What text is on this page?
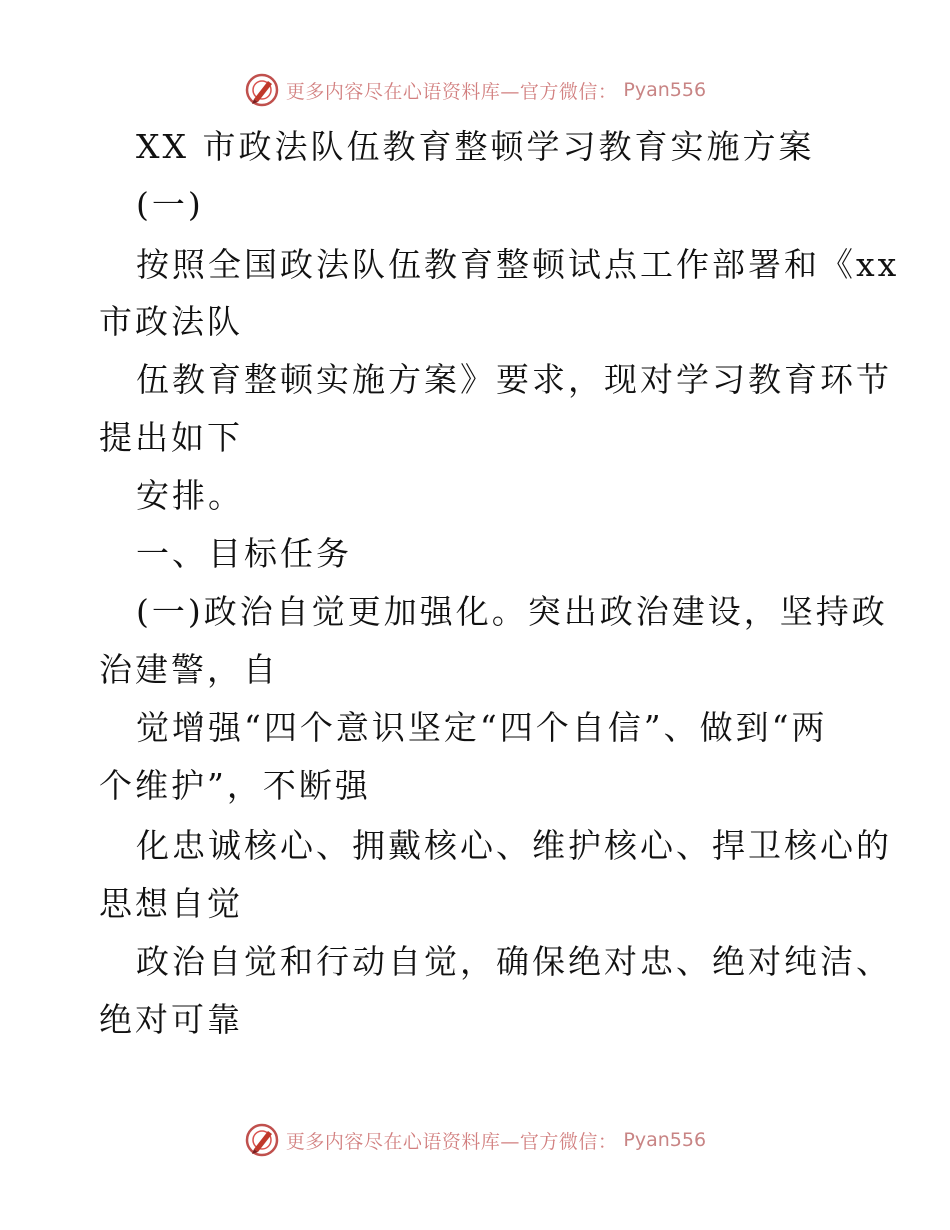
更多内容尽在心语资料库—官方微信： Pyan556
XX 市政法队伍教育整顿学习教育实施方案
(一)
按照全国政法队伍教育整顿试点工作部署和《xx
市政法队
伍教育整顿实施方案》要求，现对学习教育环节
提出如下
安排。
一、目标任务
(一)政治自觉更加强化。突出政治建设，坚持政
治建警，自
觉增强“四个意识坚定“四个自信”、做到“两
个维护”，不断强
化忠诚核心、拥戴核心、维护核心、捍卫核心的
思想自觉
政治自觉和行动自觉，确保绝对忠、绝对纯洁、
绝对可靠
更多内容尽在心语资料库—官方微信： Pyan556
